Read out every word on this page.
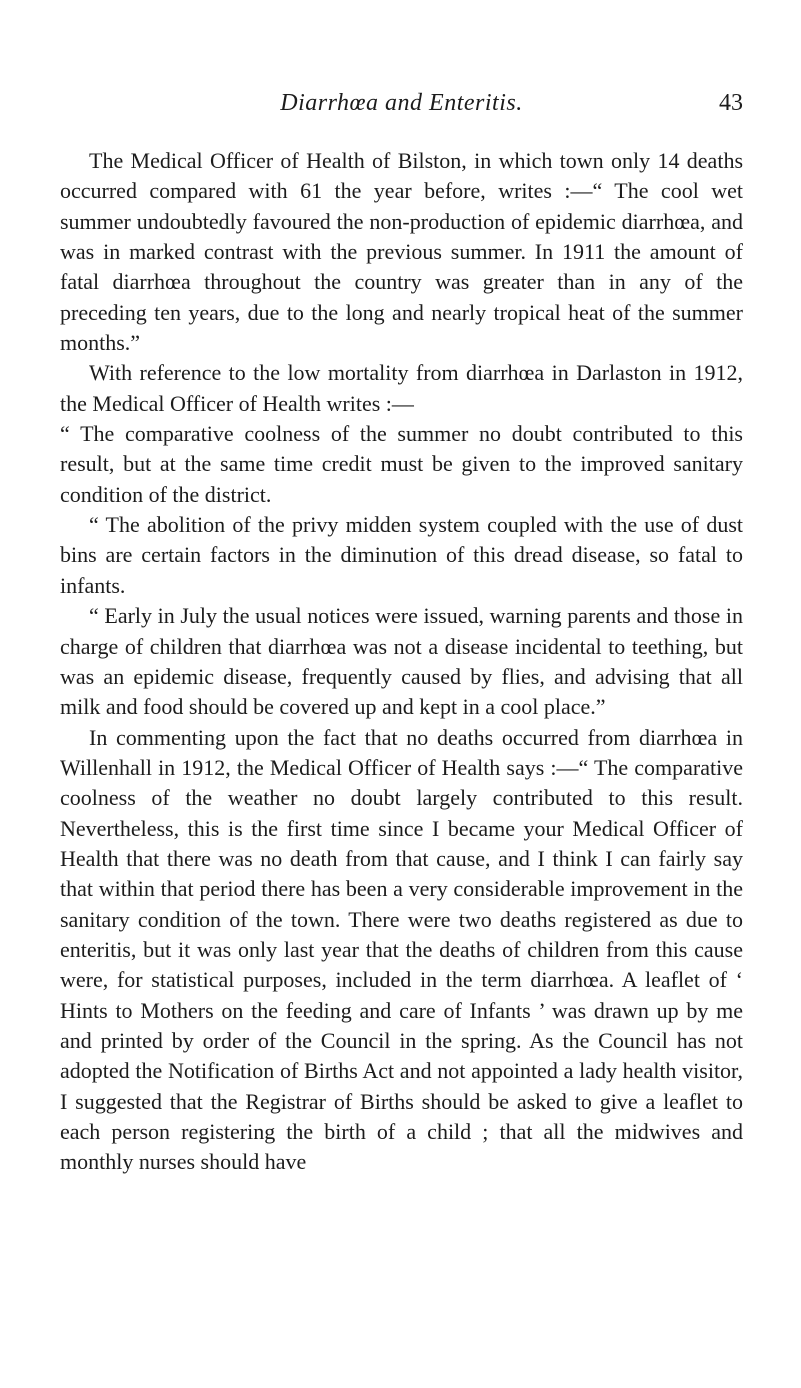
Diarrhœa and Enteritis.	43

The Medical Officer of Health of Bilston, in which town only 14 deaths occurred compared with 61 the year before, writes :—“ The cool wet summer undoubtedly favoured the non-production of epidemic diarrhœa, and was in marked contrast with the previous summer. In 1911 the amount of fatal diarrhœa throughout the country was greater than in any of the preceding ten years, due to the long and nearly tropical heat of the summer months.”

With reference to the low mortality from diarrhœa in Darlaston in 1912, the Medical Officer of Health writes :—

“ The comparative coolness of the summer no doubt contributed to this result, but at the same time credit must be given to the improved sanitary condition of the district.

“ The abolition of the privy midden system coupled with the use of dust bins are certain factors in the diminution of this dread disease, so fatal to infants.

“ Early in July the usual notices were issued, warning parents and those in charge of children that diarrhœa was not a disease incidental to teething, but was an epidemic disease, frequently caused by flies, and advising that all milk and food should be covered up and kept in a cool place.”

In commenting upon the fact that no deaths occurred from diarrhœa in Willenhall in 1912, the Medical Officer of Health says :—“ The comparative coolness of the weather no doubt largely contributed to this result. Nevertheless, this is the first time since I became your Medical Officer of Health that there was no death from that cause, and I think I can fairly say that within that period there has been a very considerable improvement in the sanitary condition of the town. There were two deaths registered as due to enteritis, but it was only last year that the deaths of children from this cause were, for statistical purposes, included in the term diarrhœa. A leaflet of ‘ Hints to Mothers on the feeding and care of Infants ’ was drawn up by me and printed by order of the Council in the spring. As the Council has not adopted the Notification of Births Act and not appointed a lady health visitor, I suggested that the Registrar of Births should be asked to give a leaflet to each person registering the birth of a child ; that all the midwives and monthly nurses should have
